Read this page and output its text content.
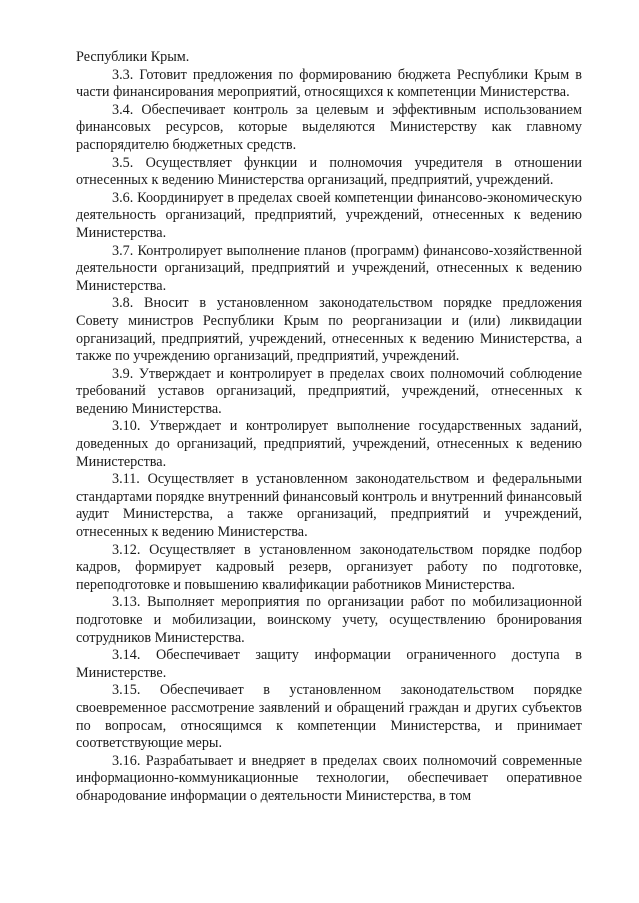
Республики Крым.

3.3. Готовит предложения по формированию бюджета Республики Крым в части финансирования мероприятий, относящихся к компетенции Министерства.

3.4. Обеспечивает контроль за целевым и эффективным использованием финансовых ресурсов, которые выделяются Министерству как главному распорядителю бюджетных средств.

3.5. Осуществляет функции и полномочия учредителя в отношении отнесенных к ведению Министерства организаций, предприятий, учреждений.

3.6. Координирует в пределах своей компетенции финансово-экономическую деятельность организаций, предприятий, учреждений, отнесенных к ведению Министерства.

3.7. Контролирует выполнение планов (программ) финансово-хозяйственной деятельности организаций, предприятий и учреждений, отнесенных к ведению Министерства.

3.8. Вносит в установленном законодательством порядке предложения Совету министров Республики Крым по реорганизации и (или) ликвидации организаций, предприятий, учреждений, отнесенных к ведению Министерства, а также по учреждению организаций, предприятий, учреждений.

3.9. Утверждает и контролирует в пределах своих полномочий соблюдение требований уставов организаций, предприятий, учреждений, отнесенных к ведению Министерства.

3.10. Утверждает и контролирует выполнение государственных заданий, доведенных до организаций, предприятий, учреждений, отнесенных к ведению Министерства.

3.11. Осуществляет в установленном законодательством и федеральными стандартами порядке внутренний финансовый контроль и внутренний финансовый аудит Министерства, а также организаций, предприятий и учреждений, отнесенных к ведению Министерства.

3.12. Осуществляет в установленном законодательством порядке подбор кадров, формирует кадровый резерв, организует работу по подготовке, переподготовке и повышению квалификации работников Министерства.

3.13. Выполняет мероприятия по организации работ по мобилизационной подготовке и мобилизации, воинскому учету, осуществлению бронирования сотрудников Министерства.

3.14. Обеспечивает защиту информации ограниченного доступа в Министерстве.

3.15. Обеспечивает в установленном законодательством порядке своевременное рассмотрение заявлений и обращений граждан и других субъектов по вопросам, относящимся к компетенции Министерства, и принимает соответствующие меры.

3.16. Разрабатывает и внедряет в пределах своих полномочий современные информационно-коммуникационные технологии, обеспечивает оперативное обнародование информации о деятельности Министерства, в том
